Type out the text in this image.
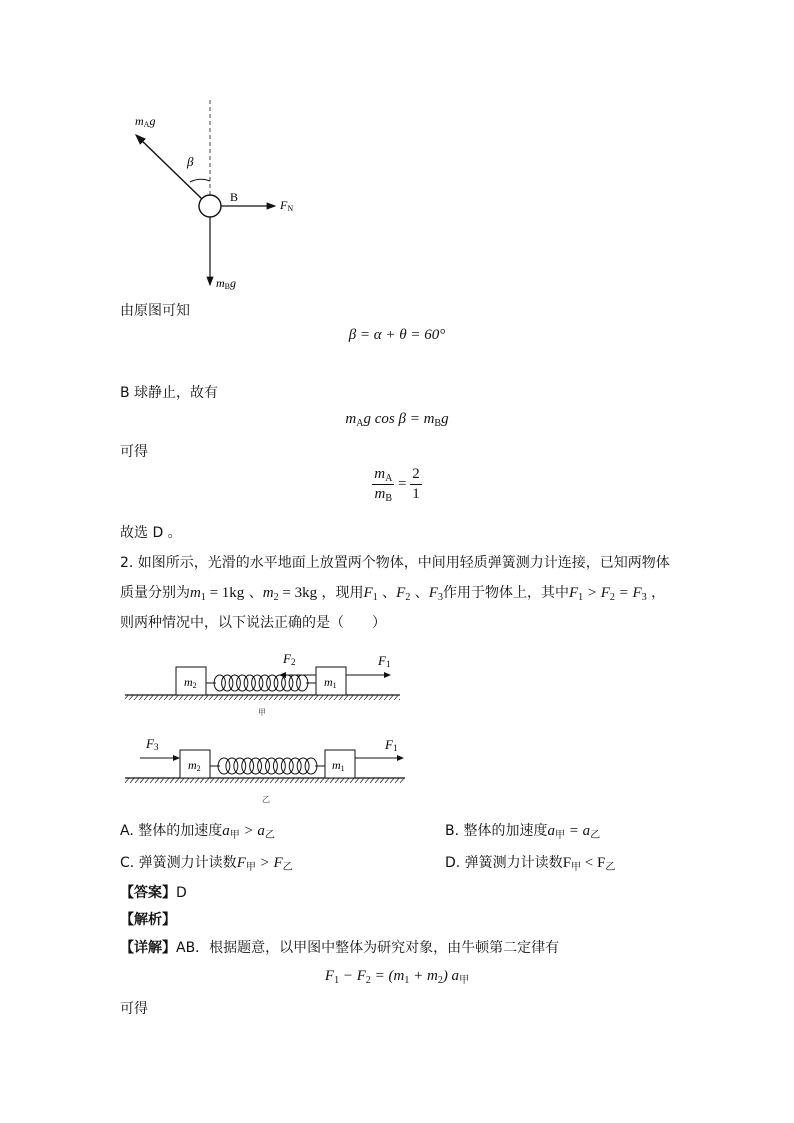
mAg
β
B
FN
mBg
由原图可知
β = α + θ = 60°
B 球静止，故有
$m_Ag$ $\cos \beta = m_Bg$
可得
$\frac{m_A}{m_B} = \frac{2}{1}$
故选 D 。
2. 如图所示，光滑的水平地面上放置两个物体，中间用轻质弹簧测力计连接，已知两物体
质量分别为$m_1 = 1kg$ 、$m_2 = 3kg$ ，现用$F_1$ 、$F_2$ 、$F_3$作用于物体上，其中$F_1 > F_2 = F_3$ ，
则两种情况中，以下说法正确的是（　　）
m2	m1
F1
F2
甲
m2	m1
F3	F1
乙
A. 整体的加速度$a_甲 > a_乙$	B. 整体的加速度$a_甲 = a_乙$
C. 弹簧测力计读数$F_甲 > F_乙$	D. 弹簧测力计读数$F_甲 < F_乙$
【答案】D
【解析】
【详解】AB．根据题意，以甲图中整体为研究对象，由牛顿第二定律有
$F_1 - F_2 = (m_1 + m_2)$ $a_甲$
可得
